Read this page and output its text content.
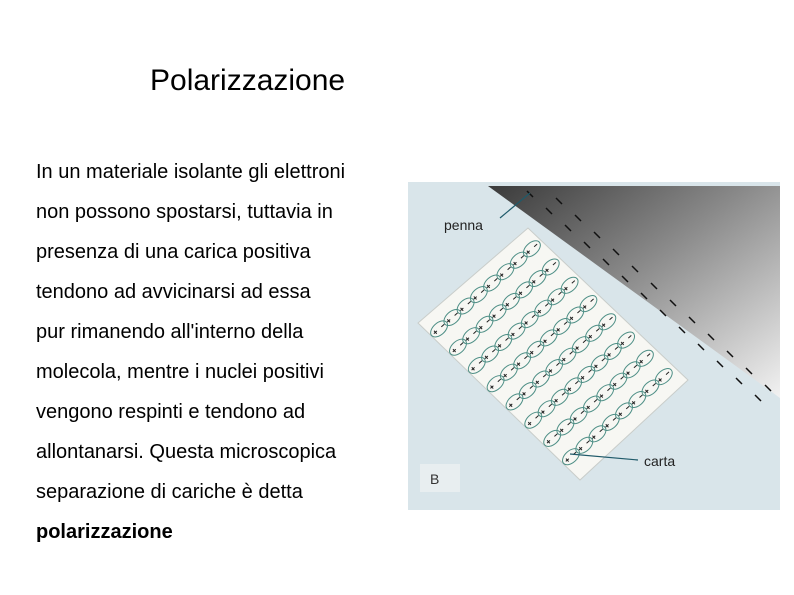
Polarizzazione
In un materiale isolante gli elettroni
non possono spostarsi, tuttavia in
presenza di una carica positiva
tendono ad avvicinarsi ad essa
pur rimanendo all'interno della
molecola, mentre i nuclei positivi
vengono respinti e tendono ad
allontanarsi. Questa microscopica
separazione di cariche è detta
polarizzazione
penna
carta
B
